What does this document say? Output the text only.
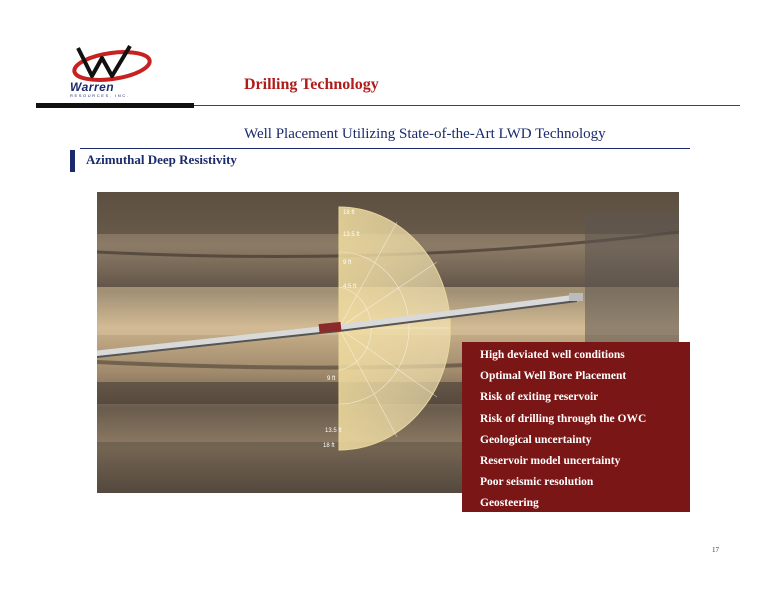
Warren
RESOURCES, INC.
Drilling Technology
Well Placement Utilizing State-of-the-Art LWD Technology
Azimuthal Deep Resistivity
18 ft
13.5 ft
9 ft
4.5 ft
9 ft
13.5 ft
18 ft
High deviated well conditions
Optimal Well Bore Placement
Risk of exiting reservoir
Risk of drilling through the OWC
Geological uncertainty
Reservoir model uncertainty
Poor seismic resolution
Geosteering
17
